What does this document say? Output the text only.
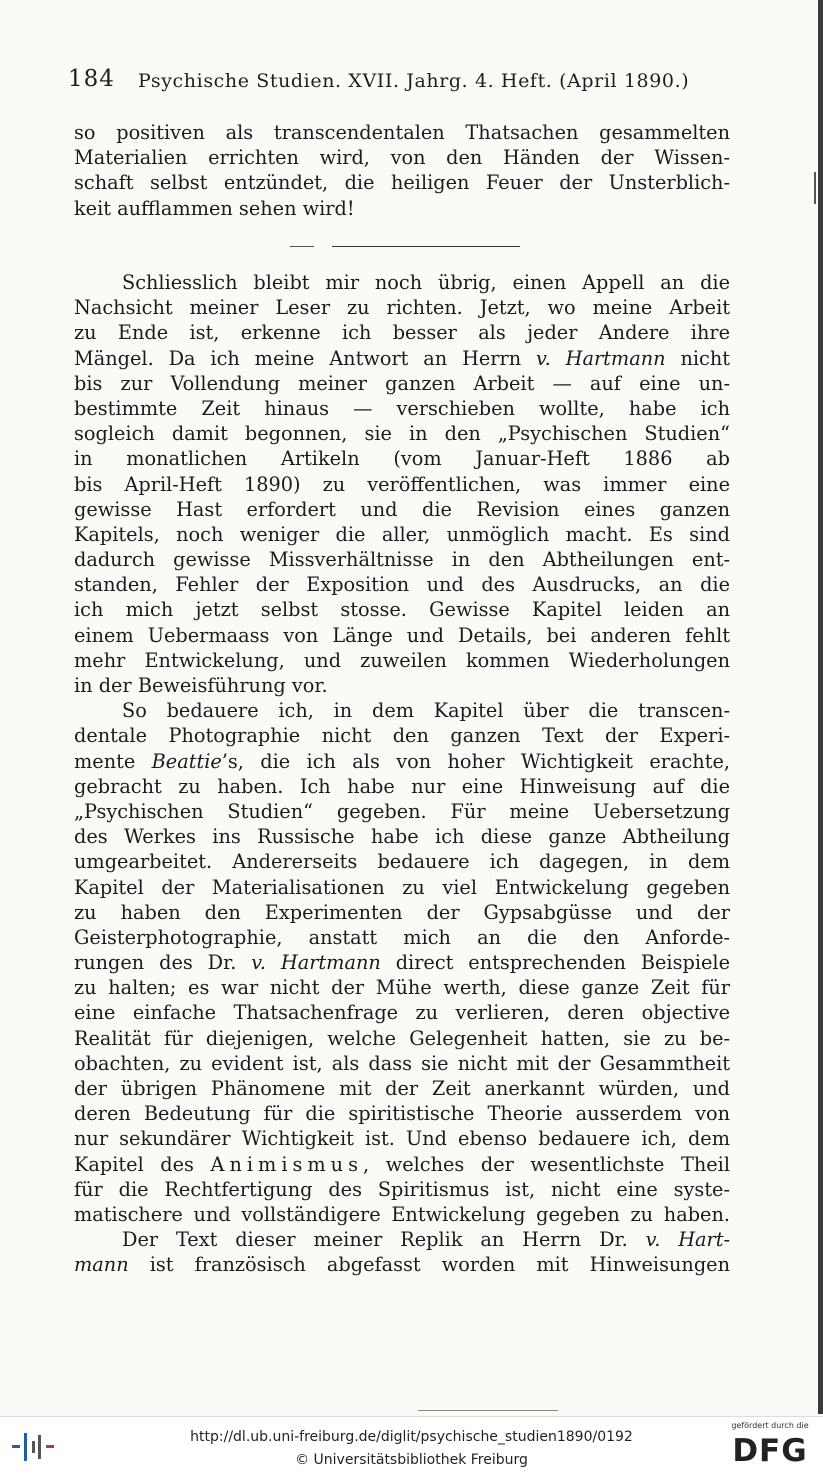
184 Psychische Studien. XVII. Jahrg. 4. Heft. (April 1890.)
so positiven als transcendentalen Thatsachen gesammelten
Materialien errichten wird, von den Händen der Wissen-
schaft selbst entzündet, die heiligen Feuer der Unsterblich-
keit aufflammen sehen wird!
Schliesslich bleibt mir noch übrig, einen Appell an die
Nachsicht meiner Leser zu richten. Jetzt, wo meine Arbeit
zu Ende ist, erkenne ich besser als jeder Andere ihre
Mängel. Da ich meine Antwort an Herrn v. Hartmann nicht
bis zur Vollendung meiner ganzen Arbeit — auf eine un-
bestimmte Zeit hinaus — verschieben wollte, habe ich
sogleich damit begonnen, sie in den „Psychischen Studien“
in monatlichen Artikeln (vom Januar-Heft 1886 ab
bis April-Heft 1890) zu veröffentlichen, was immer eine
gewisse Hast erfordert und die Revision eines ganzen
Kapitels, noch weniger die aller, unmöglich macht. Es sind
dadurch gewisse Missverhältnisse in den Abtheilungen ent-
standen, Fehler der Exposition und des Ausdrucks, an die
ich mich jetzt selbst stosse. Gewisse Kapitel leiden an
einem Uebermaass von Länge und Details, bei anderen fehlt
mehr Entwickelung, und zuweilen kommen Wiederholungen
in der Beweisführung vor.
So bedauere ich, in dem Kapitel über die transcen-
dentale Photographie nicht den ganzen Text der Experi-
mente Beattie’s, die ich als von hoher Wichtigkeit erachte,
gebracht zu haben. Ich habe nur eine Hinweisung auf die
„Psychischen Studien“ gegeben. Für meine Uebersetzung
des Werkes ins Russische habe ich diese ganze Abtheilung
umgearbeitet. Andererseits bedauere ich dagegen, in dem
Kapitel der Materialisationen zu viel Entwickelung gegeben
zu haben den Experimenten der Gypsabgüsse und der
Geisterphotographie, anstatt mich an die den Anforde-
rungen des Dr. v. Hartmann direct entsprechenden Beispiele
zu halten; es war nicht der Mühe werth, diese ganze Zeit für
eine einfache Thatsachenfrage zu verlieren, deren objective
Realität für diejenigen, welche Gelegenheit hatten, sie zu be-
obachten, zu evident ist, als dass sie nicht mit der Gesammtheit
der übrigen Phänomene mit der Zeit anerkannt würden, und
deren Bedeutung für die spiritistische Theorie ausserdem von
nur sekundärer Wichtigkeit ist. Und ebenso bedauere ich, dem
Kapitel des Animismus, welches der wesentlichste Theil
für die Rechtfertigung des Spiritismus ist, nicht eine syste-
matischere und vollständigere Entwickelung gegeben zu haben.
Der Text dieser meiner Replik an Herrn Dr. v. Hart-
mann ist französisch abgefasst worden mit Hinweisungen
http://dl.ub.uni-freiburg.de/diglit/psychische_studien1890/0192
© Universitätsbibliothek Freiburg
gefördert durch die
DFG
